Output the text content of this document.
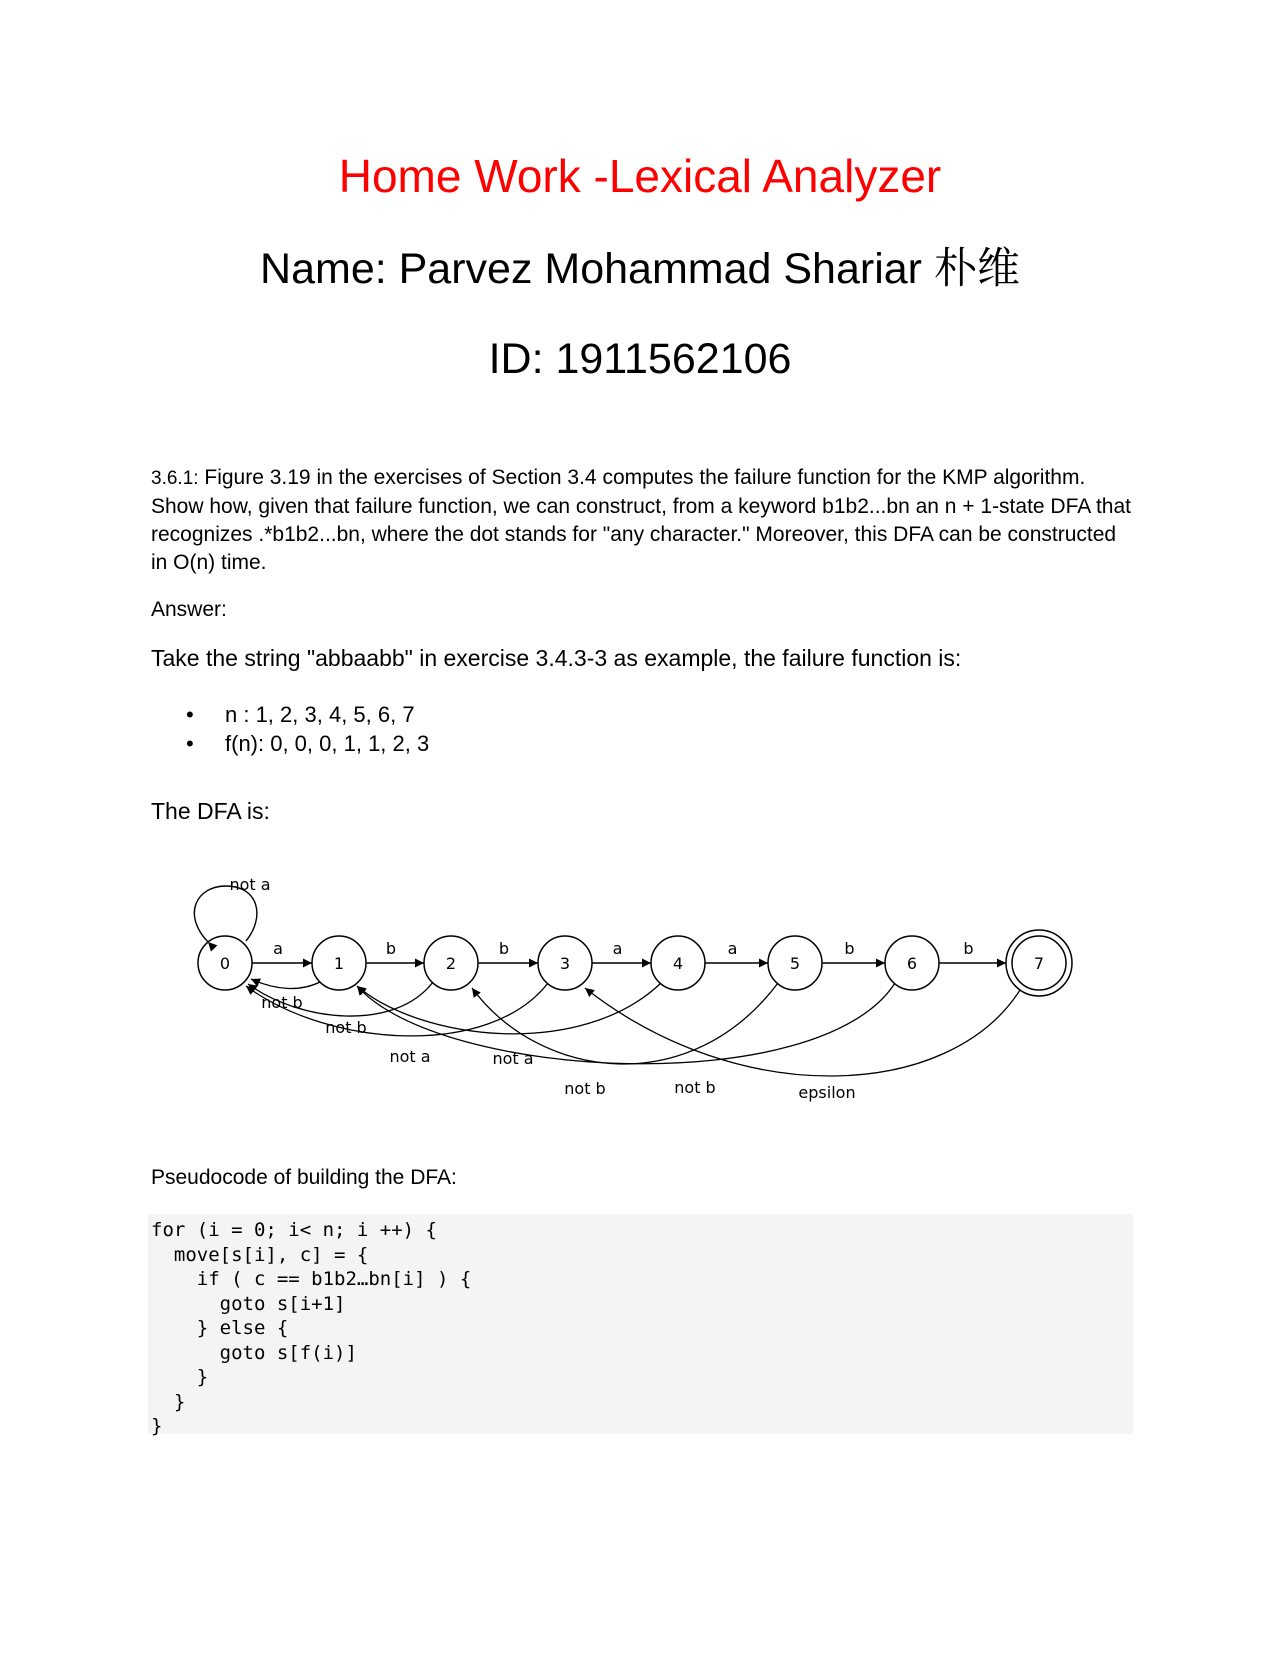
Home Work -Lexical Analyzer
Name: Parvez Mohammad Shariar 朴维
ID: 1911562106

3.6.1: Figure 3.19 in the exercises of Section 3.4 computes the failure function for the KMP algorithm. Show how, given that failure function, we can construct, from a keyword b1b2...bn an n + 1-state DFA that recognizes .*b1b2...bn, where the dot stands for "any character." Moreover, this DFA can be constructed in O(n) time.

Answer:

Take the string "abbaabb" in exercise 3.4.3-3 as example, the failure function is:

• n : 1, 2, 3, 4, 5, 6, 7
• f(n): 0, 0, 0, 1, 1, 2, 3

The DFA is:

0	1	2	3	4	5	6	7
a	b	b	a	a	b	b
not a
not b
not b
not a	not a
not b	not b	epsilon

Pseudocode of building the DFA:

for (i = 0; i< n; i ++) {
move[s[i], c] = {
if ( c == b1b2…bn[i] ) {
goto s[i+1]
} else {
goto s[f(i)]
}
}
}
